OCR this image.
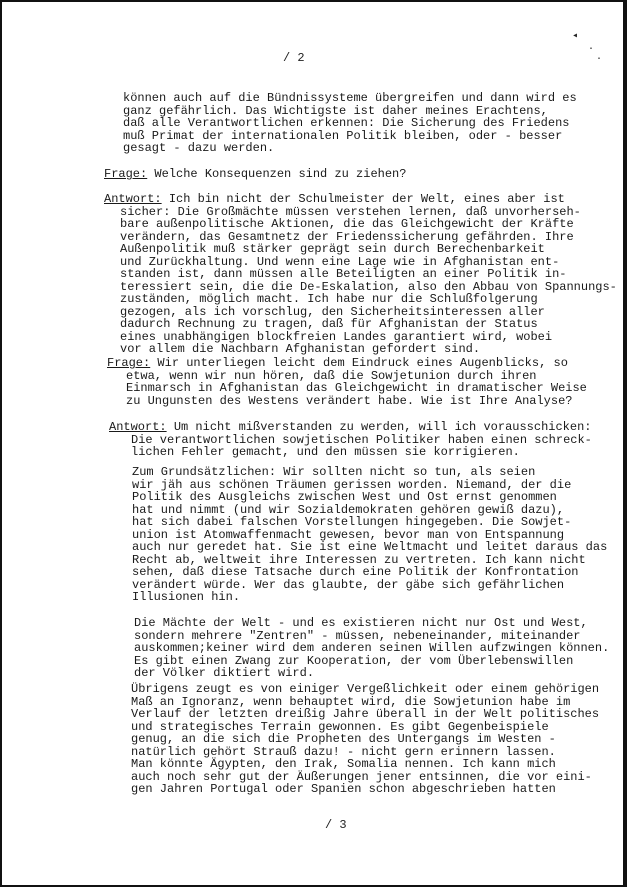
◂
·
·
/ 2
können auch auf die Bündnissysteme übergreifen und dann wird es
ganz gefährlich. Das Wichtigste ist daher meines Erachtens,
daß alle Verantwortlichen erkennen: Die Sicherung des Friedens
muß Primat der internationalen Politik bleiben, oder - besser
gesagt - dazu werden.
Frage: Welche Konsequenzen sind zu ziehen?
Antwort: Ich bin nicht der Schulmeister der Welt, eines aber ist
sicher: Die Großmächte müssen verstehen lernen, daß unvorherseh-
bare außenpolitische Aktionen, die das Gleichgewicht der Kräfte
verändern, das Gesamtnetz der Friedenssicherung gefährden. Ihre
Außenpolitik muß stärker geprägt sein durch Berechenbarkeit
und Zurückhaltung. Und wenn eine Lage wie in Afghanistan ent-
standen ist, dann müssen alle Beteiligten an einer Politik in-
teressiert sein, die die De-Eskalation, also den Abbau von Spannungs-
zuständen, möglich macht. Ich habe nur die Schlußfolgerung
gezogen, als ich vorschlug, den Sicherheitsinteressen aller
dadurch Rechnung zu tragen, daß für Afghanistan der Status
eines unabhängigen blockfreien Landes garantiert wird, wobei
vor allem die Nachbarn Afghanistan gefordert sind.
Frage: Wir unterliegen leicht dem Eindruck eines Augenblicks, so
etwa, wenn wir nun hören, daß die Sowjetunion durch ihren
Einmarsch in Afghanistan das Gleichgewicht in dramatischer Weise
zu Ungunsten des Westens verändert habe. Wie ist Ihre Analyse?
Antwort: Um nicht mißverstanden zu werden, will ich vorausschicken:
Die verantwortlichen sowjetischen Politiker haben einen schreck-
lichen Fehler gemacht, und den müssen sie korrigieren.
Zum Grundsätzlichen: Wir sollten nicht so tun, als seien
wir jäh aus schönen Träumen gerissen worden. Niemand, der die
Politik des Ausgleichs zwischen West und Ost ernst genommen
hat und nimmt (und wir Sozialdemokraten gehören gewiß dazu),
hat sich dabei falschen Vorstellungen hingegeben. Die Sowjet-
union ist Atomwaffenmacht gewesen, bevor man von Entspannung
auch nur geredet hat. Sie ist eine Weltmacht und leitet daraus das
Recht ab, weltweit ihre Interessen zu vertreten. Ich kann nicht
sehen, daß diese Tatsache durch eine Politik der Konfrontation
verändert würde. Wer das glaubte, der gäbe sich gefährlichen
Illusionen hin.
Die Mächte der Welt - und es existieren nicht nur Ost und West,
sondern mehrere "Zentren" - müssen, nebeneinander, miteinander
auskommen;keiner wird dem anderen seinen Willen aufzwingen können.
Es gibt einen Zwang zur Kooperation, der vom Überlebenswillen
der Völker diktiert wird.
Übrigens zeugt es von einiger Vergeßlichkeit oder einem gehörigen
Maß an Ignoranz, wenn behauptet wird, die Sowjetunion habe im
Verlauf der letzten dreißig Jahre überall in der Welt politisches
und strategisches Terrain gewonnen. Es gibt Gegenbeispiele
genug, an die sich die Propheten des Untergangs im Westen -
natürlich gehört Strauß dazu! - nicht gern erinnern lassen.
Man könnte Ägypten, den Irak, Somalia nennen. Ich kann mich
auch noch sehr gut der Äußerungen jener entsinnen, die vor eini-
gen Jahren Portugal oder Spanien schon abgeschrieben hatten
/ 3
